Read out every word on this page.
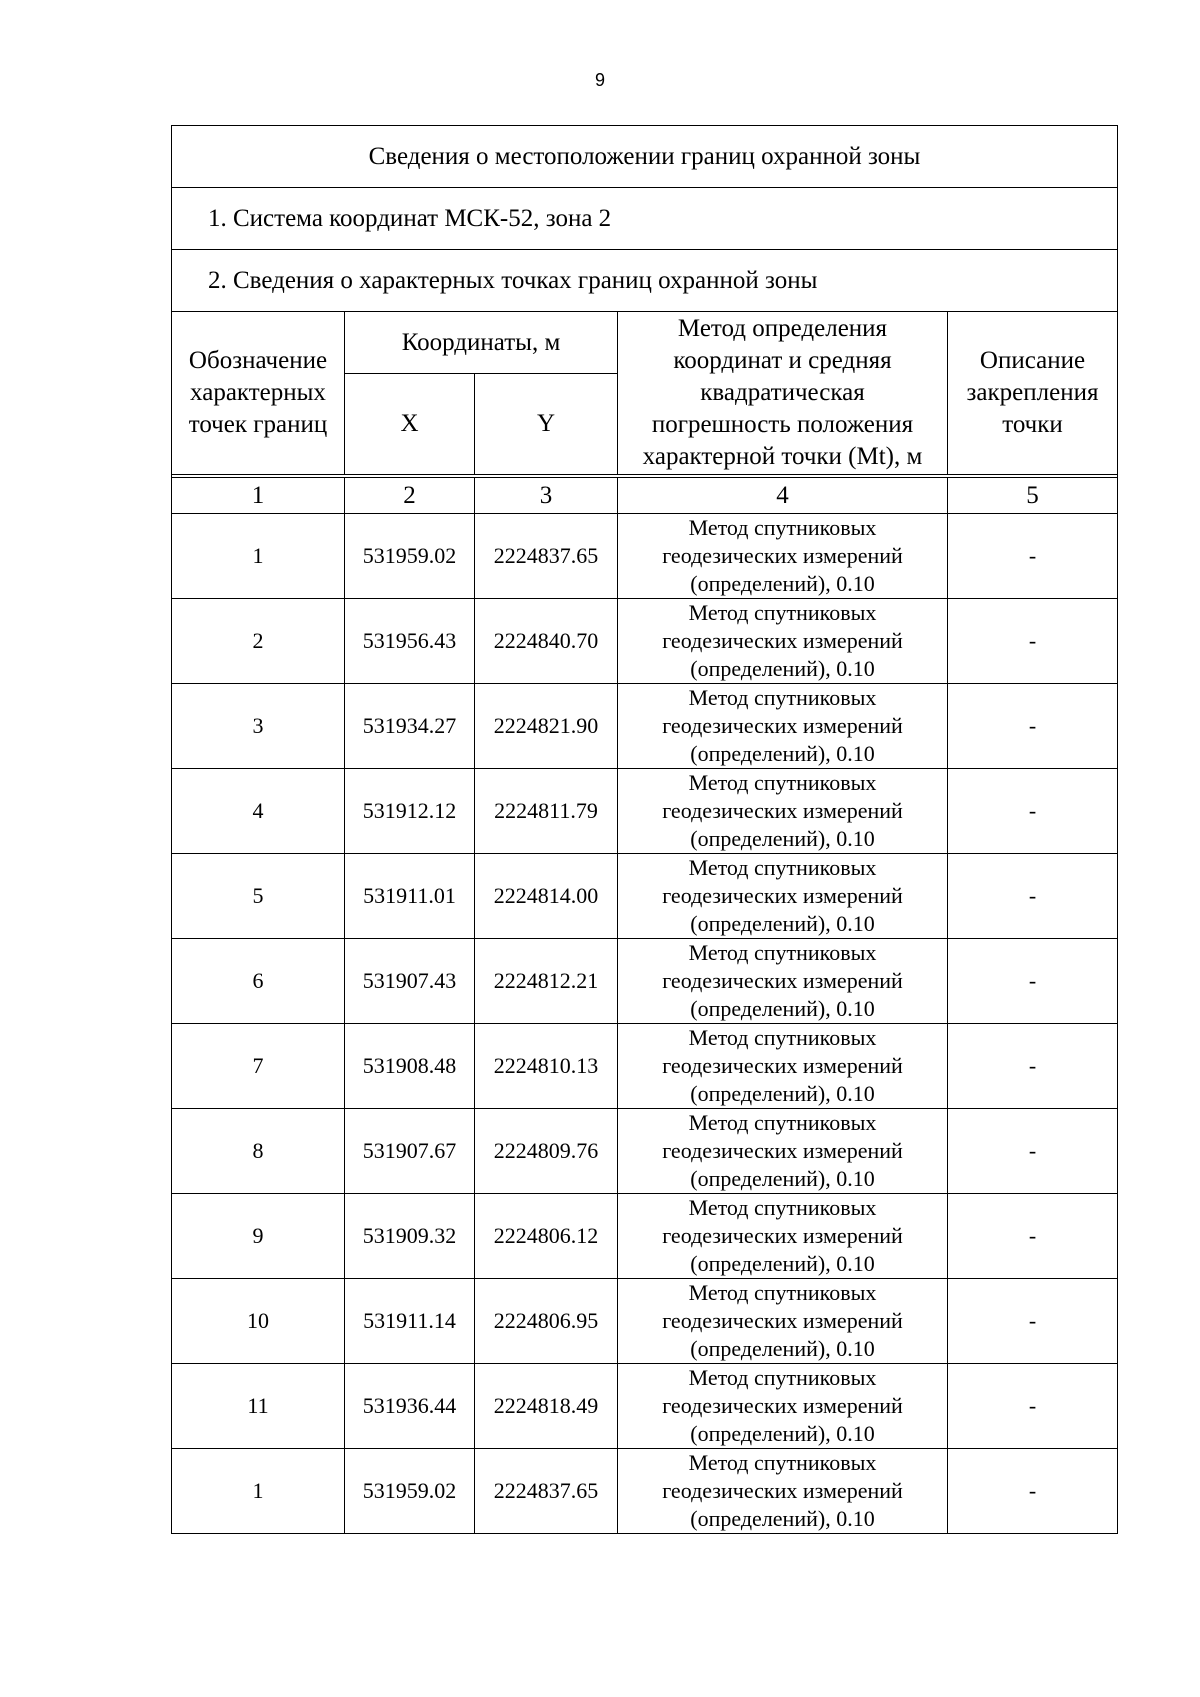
9
Сведения о местоположении границ охранной зоны				
1. Система координат МСК-52, зона 2				
2. Сведения о характерных точках границ охранной зоны				

Обозначение
характерных
точек границ	Координаты, м		Метод определения
координат и средняя
квадратическая
погрешность положения
характерной точки (Mt), м	Описание
закрепления
точки

	X	Y		

1	2	3	4	5
1	531959.02	2224837.65	Метод спутниковых
геодезических измерений
(определений), 0.10	-
2	531956.43	2224840.70	Метод спутниковых
геодезических измерений
(определений), 0.10	-
3	531934.27	2224821.90	Метод спутниковых
геодезических измерений
(определений), 0.10	-
4	531912.12	2224811.79	Метод спутниковых
геодезических измерений
(определений), 0.10	-
5	531911.01	2224814.00	Метод спутниковых
геодезических измерений
(определений), 0.10	-
6	531907.43	2224812.21	Метод спутниковых
геодезических измерений
(определений), 0.10	-
7	531908.48	2224810.13	Метод спутниковых
геодезических измерений
(определений), 0.10	-
8	531907.67	2224809.76	Метод спутниковых
геодезических измерений
(определений), 0.10	-
9	531909.32	2224806.12	Метод спутниковых
геодезических измерений
(определений), 0.10	-
10	531911.14	2224806.95	Метод спутниковых
геодезических измерений
(определений), 0.10	-
11	531936.44	2224818.49	Метод спутниковых
геодезических измерений
(определений), 0.10	-
1	531959.02	2224837.65	Метод спутниковых
геодезических измерений
(определений), 0.10	-
